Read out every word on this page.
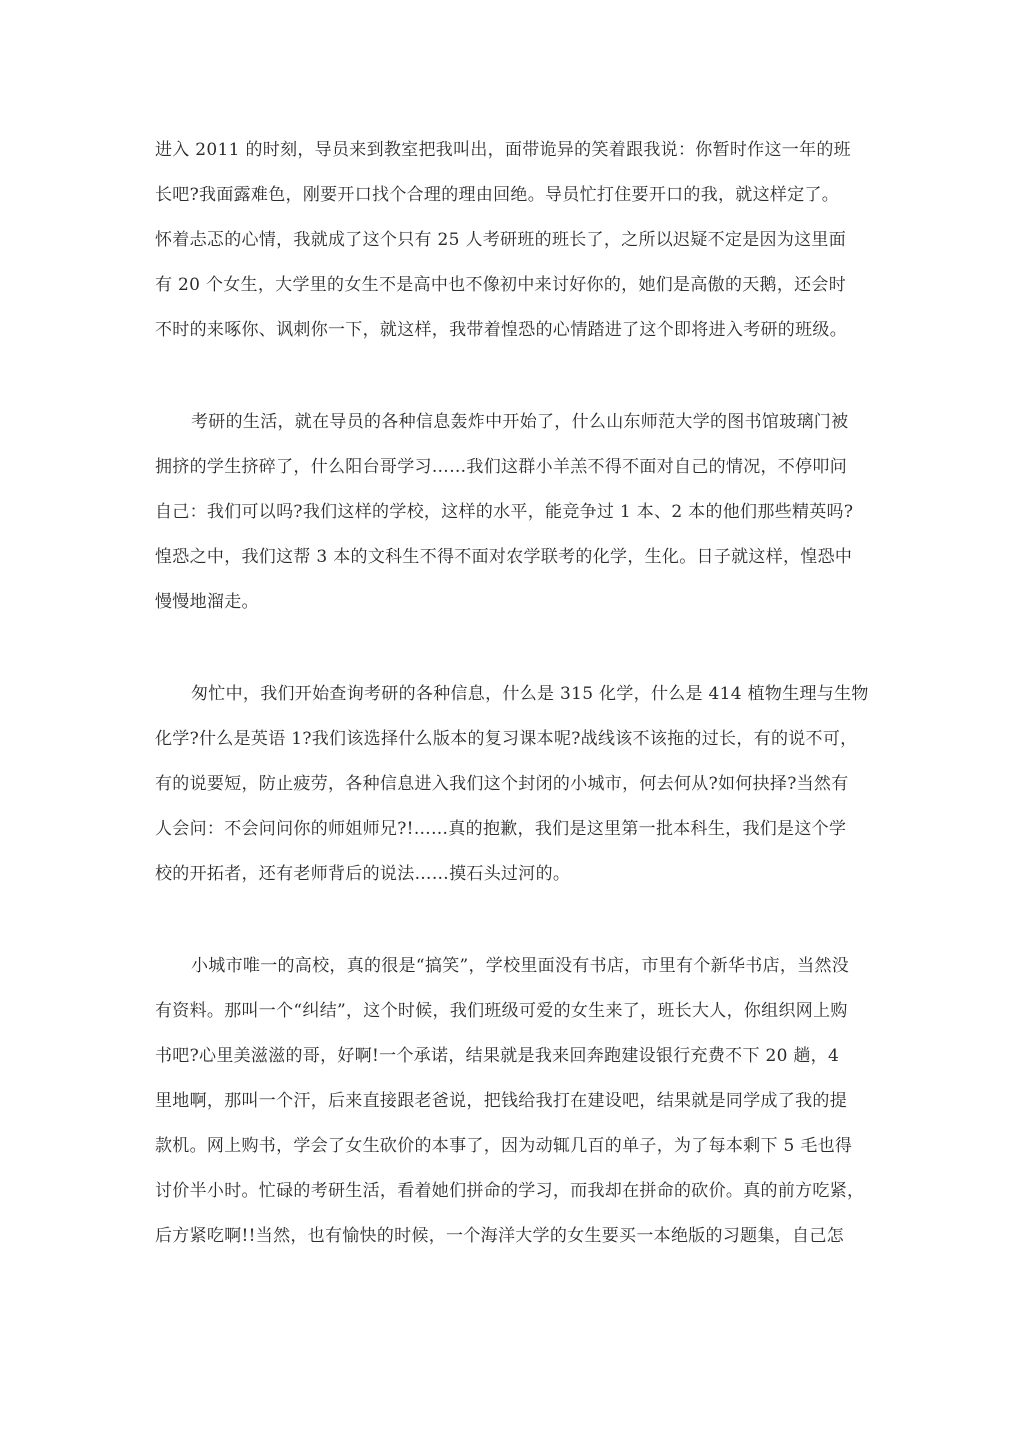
进入 2011 的时刻，导员来到教室把我叫出，面带诡异的笑着跟我说：你暂时作这一年的班
长吧?我面露难色，刚要开口找个合理的理由回绝。导员忙打住要开口的我，就这样定了。
怀着忐忑的心情，我就成了这个只有 25 人考研班的班长了，之所以迟疑不定是因为这里面
有 20 个女生，大学里的女生不是高中也不像初中来讨好你的，她们是高傲的天鹅，还会时
不时的来啄你、讽刺你一下，就这样，我带着惶恐的心情踏进了这个即将进入考研的班级。
考研的生活，就在导员的各种信息轰炸中开始了，什么山东师范大学的图书馆玻璃门被
拥挤的学生挤碎了，什么阳台哥学习……我们这群小羊羔不得不面对自己的情况，不停叩问
自己：我们可以吗?我们这样的学校，这样的水平，能竞争过 1 本、2 本的他们那些精英吗?
惶恐之中，我们这帮 3 本的文科生不得不面对农学联考的化学，生化。日子就这样，惶恐中
慢慢地溜走。
匆忙中，我们开始查询考研的各种信息，什么是 315 化学，什么是 414 植物生理与生物
化学?什么是英语 1?我们该选择什么版本的复习课本呢?战线该不该拖的过长，有的说不可，
有的说要短，防止疲劳，各种信息进入我们这个封闭的小城市，何去何从?如何抉择?当然有
人会问：不会问问你的师姐师兄?!……真的抱歉，我们是这里第一批本科生，我们是这个学
校的开拓者，还有老师背后的说法……摸石头过河的。
小城市唯一的高校，真的很是“搞笑”，学校里面没有书店，市里有个新华书店，当然没
有资料。那叫一个“纠结”，这个时候，我们班级可爱的女生来了，班长大人，你组织网上购
书吧?心里美滋滋的哥，好啊!一个承诺，结果就是我来回奔跑建设银行充费不下 20 趟，4
里地啊，那叫一个汗，后来直接跟老爸说，把钱给我打在建设吧，结果就是同学成了我的提
款机。网上购书，学会了女生砍价的本事了，因为动辄几百的单子，为了每本剩下 5 毛也得
讨价半小时。忙碌的考研生活，看着她们拼命的学习，而我却在拼命的砍价。真的前方吃紧，
后方紧吃啊!!当然，也有愉快的时候，一个海洋大学的女生要买一本绝版的习题集，自己怎
